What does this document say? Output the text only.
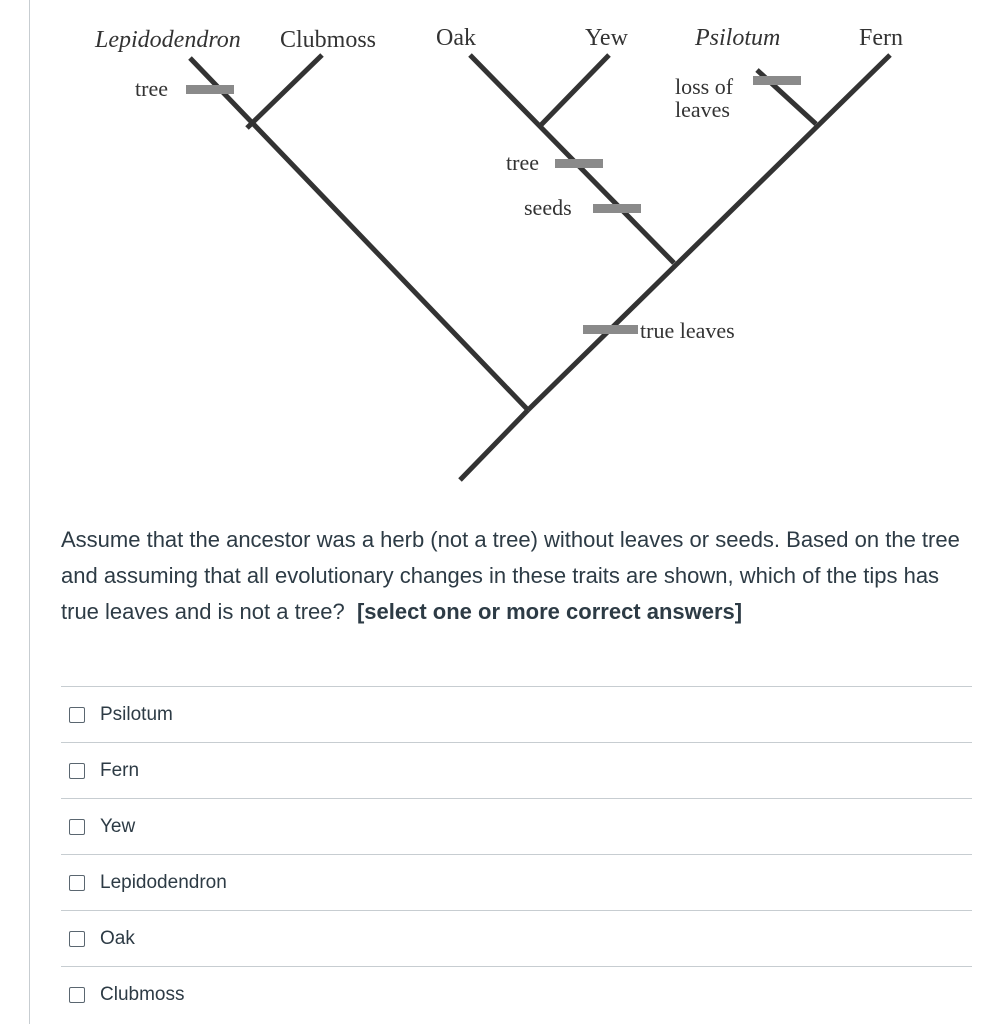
Lepidodendron Clubmoss Oak	Yew	Psilotum	Fern
tree
tree
seeds
loss of
leaves
true leaves

Assume that the ancestor was a herb (not a tree) without leaves or seeds. Based on the tree and assuming that all evolutionary changes in these traits are shown, which of the tips has true leaves and is not a tree? [select one or more correct answers]

Psilotum
Fern
Yew
Lepidodendron
Oak
Clubmoss
